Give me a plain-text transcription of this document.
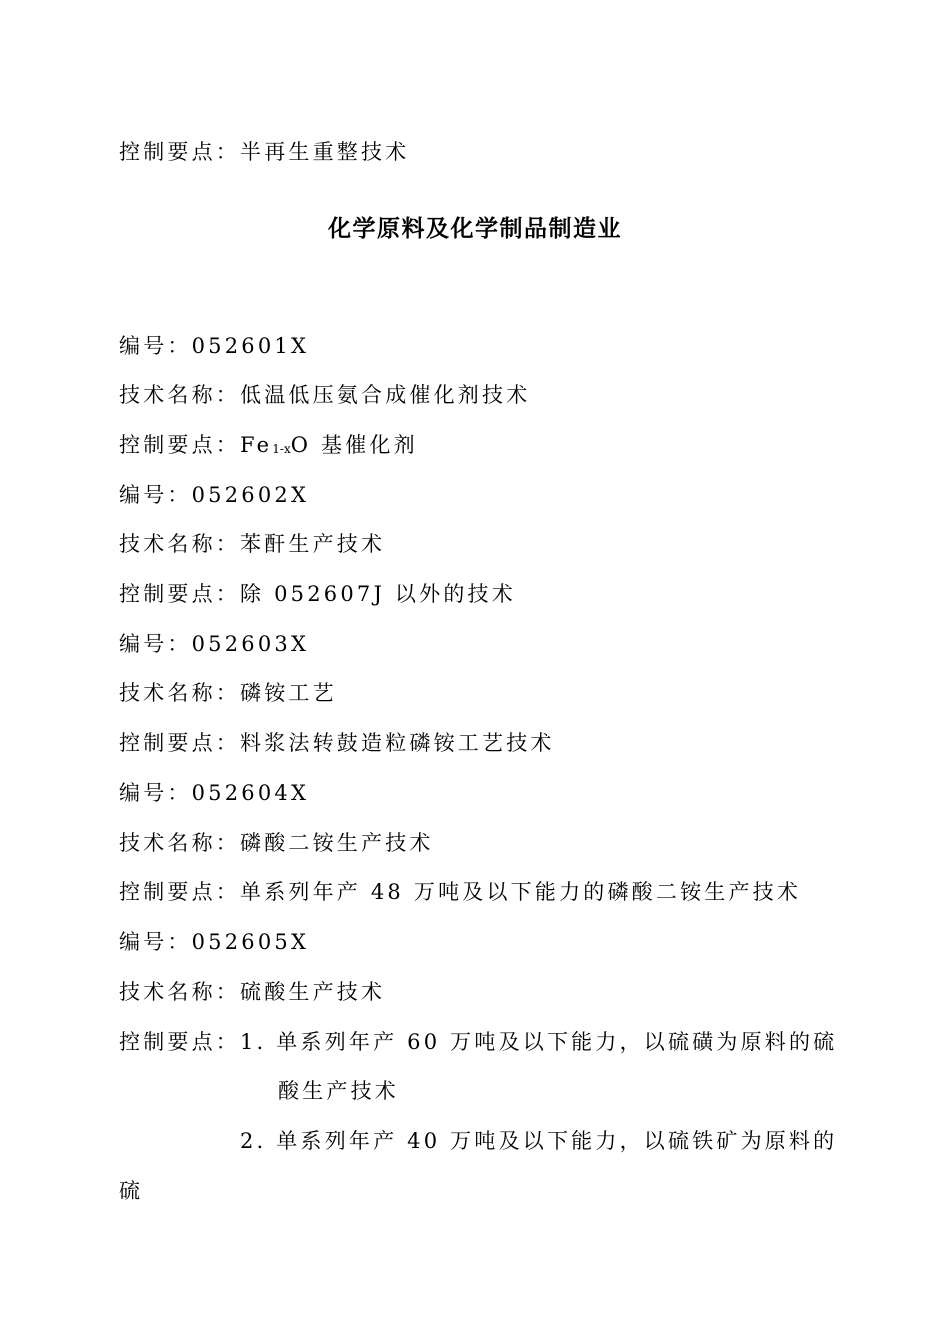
控制要点：半再生重整技术
化学原料及化学制品制造业
编号：052601X
技术名称：低温低压氨合成催化剂技术
控制要点：Fe1-xO 基催化剂
编号：052602X
技术名称：苯酐生产技术
控制要点：除 052607J 以外的技术
编号：052603X
技术名称：磷铵工艺
控制要点：料浆法转鼓造粒磷铵工艺技术
编号：052604X
技术名称：磷酸二铵生产技术
控制要点：单系列年产 48 万吨及以下能力的磷酸二铵生产技术
编号：052605X
技术名称：硫酸生产技术
控制要点：1. 单系列年产 60 万吨及以下能力，以硫磺为原料的硫
酸生产技术
2. 单系列年产 40 万吨及以下能力，以硫铁矿为原料的
硫
